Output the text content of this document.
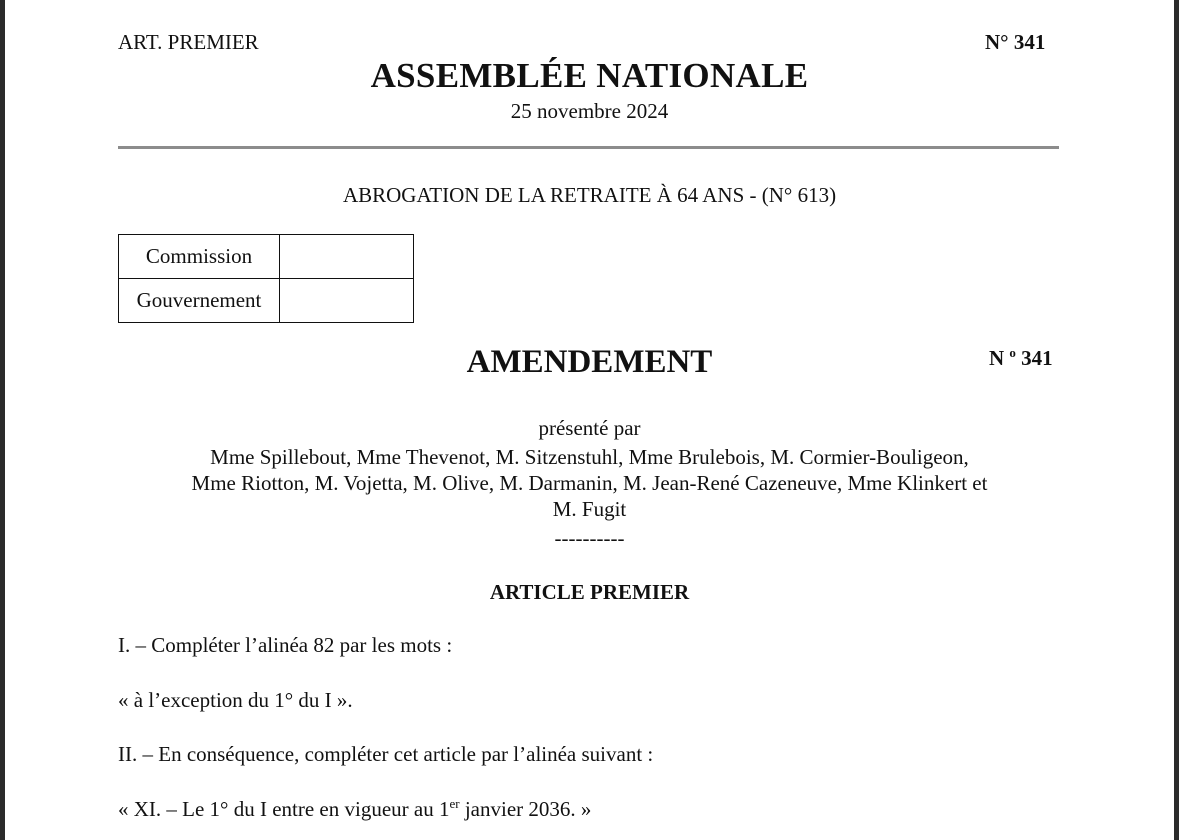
ART. PREMIER	N° 341
ASSEMBLÉE NATIONALE
25 novembre 2024
ABROGATION DE LA RETRAITE À 64 ANS - (N° 613)
Commission	
Gouvernement	
AMENDEMENT	N $^o$ 341
présenté par
Mme Spillebout, Mme Thevenot, M. Sitzenstuhl, Mme Brulebois, M. Cormier-Bouligeon,
Mme Riotton, M. Vojetta, M. Olive, M. Darmanin, M. Jean-René Cazeneuve, Mme Klinkert et
M. Fugit
----------
ARTICLE PREMIER
I. – Compléter l’alinéa 82 par les mots :
« à l’exception du 1° du I ».
II. – En conséquence, compléter cet article par l’alinéa suivant :
« XI. – Le 1° du I entre en vigueur au 1er janvier 2036. »
